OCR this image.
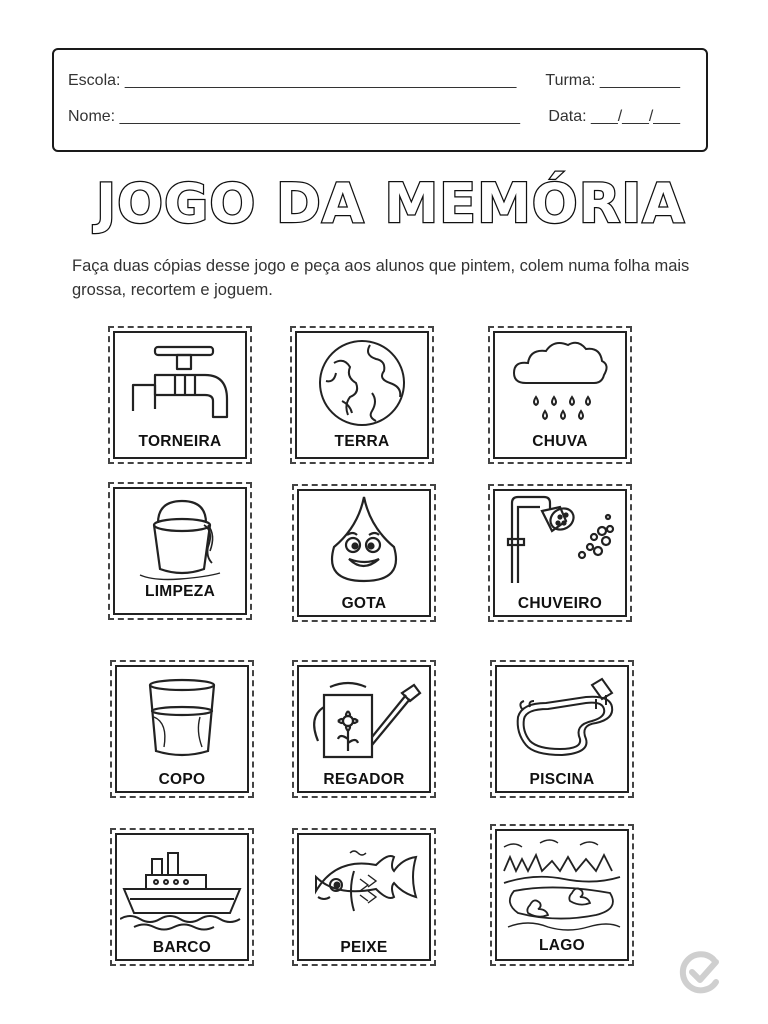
Escola: ____________________________________________ Turma: _________
Nome: _____________________________________________ Data: ___/___/___
JOGO DA MEMÓRIA
Faça duas cópias desse jogo e peça aos alunos que pintem, colem numa folha mais grossa, recortem e joguem.
TORNEIRA	TERRA	CHUVA
LIMPEZA
GOTA	CHUVEIRO
COPO	REGADOR	PISCINA
BARCO	PEIXE	LAGO
